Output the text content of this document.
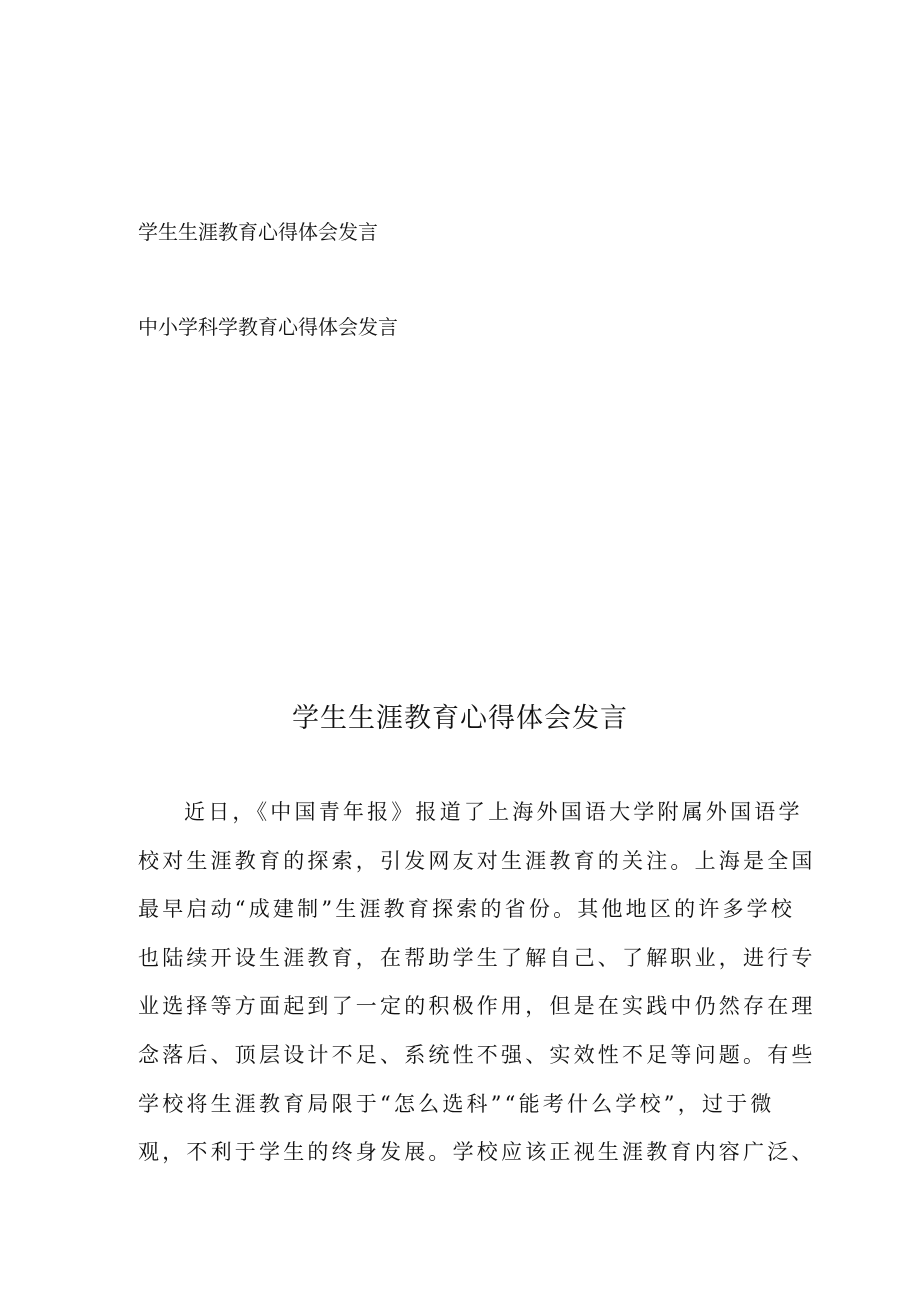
学生生涯教育心得体会发言
中小学科学教育心得体会发言
学生生涯教育心得体会发言
近日，《中国青年报》报道了上海外国语大学附属外国语学
校对生涯教育的探索，引发网友对生涯教育的关注。上海是全国
最早启动“成建制”生涯教育探索的省份。其他地区的许多学校
也陆续开设生涯教育，在帮助学生了解自己、了解职业，进行专
业选择等方面起到了一定的积极作用，但是在实践中仍然存在理
念落后、顶层设计不足、系统性不强、实效性不足等问题。有些
学校将生涯教育局限于“怎么选科”“能考什么学校”，过于微
观，不利于学生的终身发展。学校应该正视生涯教育内容广泛、
